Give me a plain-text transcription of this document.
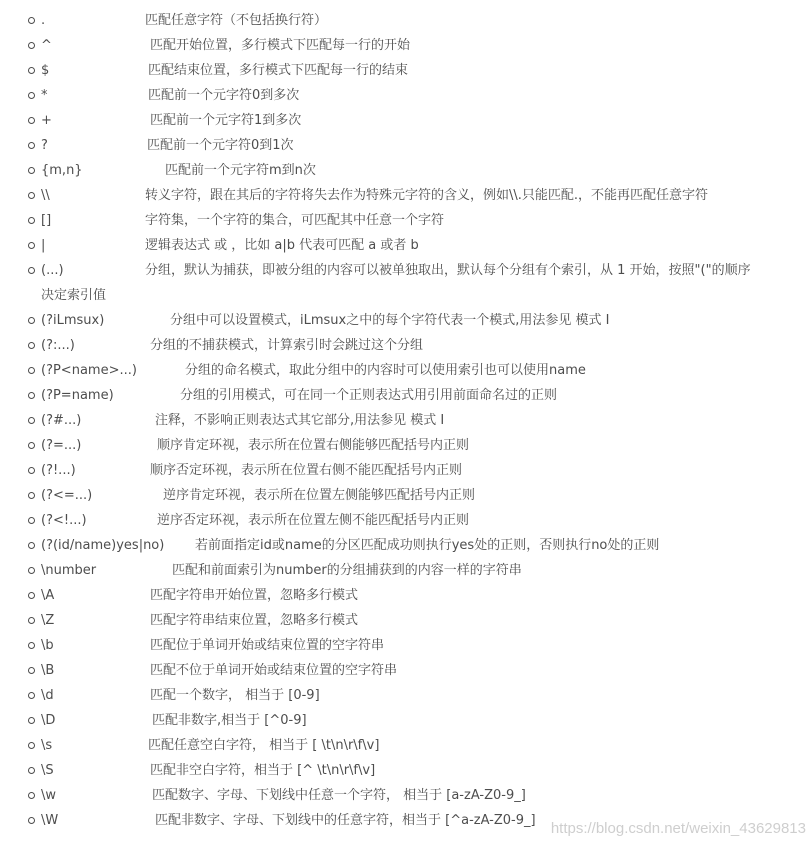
.	匹配任意字符（不包括换行符）
^	匹配开始位置，多行模式下匹配每一行的开始
$	匹配结束位置，多行模式下匹配每一行的结束
*	匹配前一个元字符0到多次
+	匹配前一个元字符1到多次
?	匹配前一个元字符0到1次
{m,n}	匹配前一个元字符m到n次
\\	转义字符，跟在其后的字符将失去作为特殊元字符的含义，例如\\.只能匹配.，不能再匹配任意字符
[]	字符集，一个字符的集合，可匹配其中任意一个字符
|	逻辑表达式 或 ，比如 a|b 代表可匹配 a 或者 b
(...)	分组，默认为捕获，即被分组的内容可以被单独取出，默认每个分组有个索引，从 1 开始，按照"("的顺序
决定索引值
(?iLmsux)	分组中可以设置模式，iLmsux之中的每个字符代表一个模式,用法参见 模式 I
(?:...)	分组的不捕获模式，计算索引时会跳过这个分组
(?P<name>...)	分组的命名模式，取此分组中的内容时可以使用索引也可以使用name
(?P=name)	分组的引用模式，可在同一个正则表达式用引用前面命名过的正则
(?#...)	注释，不影响正则表达式其它部分,用法参见 模式 I
(?=...)	顺序肯定环视，表示所在位置右侧能够匹配括号内正则
(?!...)	顺序否定环视，表示所在位置右侧不能匹配括号内正则
(?<=...)	逆序肯定环视，表示所在位置左侧能够匹配括号内正则
(?<!...)	逆序否定环视，表示所在位置左侧不能匹配括号内正则
(?(id/name)yes|no) 若前面指定id或name的分区匹配成功则执行yes处的正则，否则执行no处的正则
\number	匹配和前面索引为number的分组捕获到的内容一样的字符串
\A	匹配字符串开始位置，忽略多行模式
\Z	匹配字符串结束位置，忽略多行模式
\b	匹配位于单词开始或结束位置的空字符串
\B	匹配不位于单词开始或结束位置的空字符串
\d	匹配一个数字， 相当于 [0-9]
\D	匹配非数字,相当于 [^0-9]
\s	匹配任意空白字符， 相当于 [ \t\n\r\f\v]
\S	匹配非空白字符，相当于 [^ \t\n\r\f\v]
\w	匹配数字、字母、下划线中任意一个字符， 相当于 [a-zA-Z0-9_]
\W	匹配非数字、字母、下划线中的任意字符，相当于 [^a-zA-Z0-9_] https://blog.csdn.net/weixin_43629813
